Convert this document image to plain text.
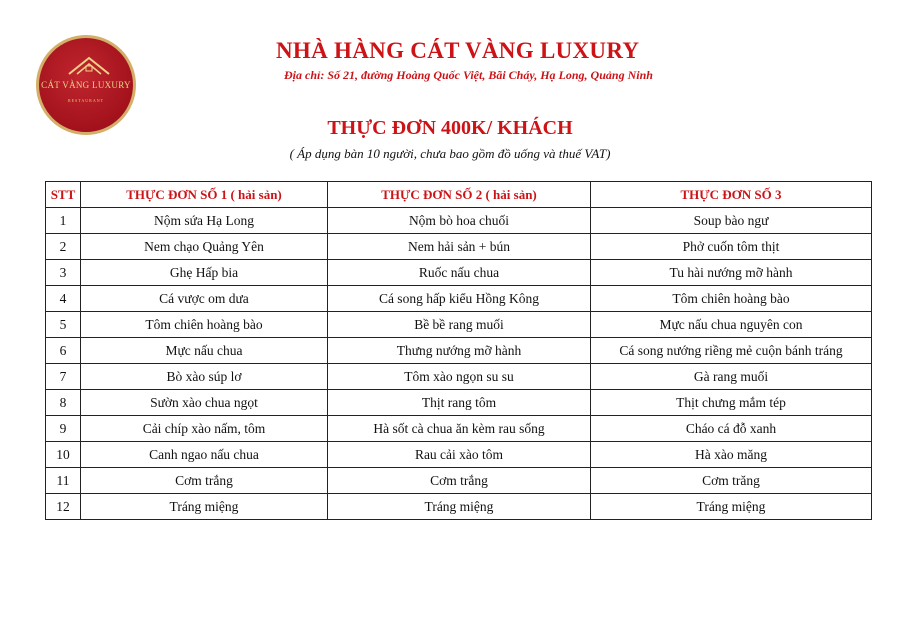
CÁT VÀNG LUXURY
RESTAURANT
NHÀ HÀNG CÁT VÀNG LUXURY
Địa chỉ: Số 21, đường Hoàng Quốc Việt, Bãi Cháy, Hạ Long, Quảng Ninh
THỰC ĐƠN 400K/ KHÁCH
( Áp dụng bàn 10 người, chưa bao gồm đồ uống và thuế VAT)
STT	THỰC ĐƠN SỐ 1 ( hải sản)	THỰC ĐƠN SỐ 2 ( hải sản)	THỰC ĐƠN SỐ 3
1	Nộm sứa Hạ Long	Nộm bò hoa chuối	Soup bào ngư
2	Nem chạo Quảng Yên	Nem hải sản + bún	Phở cuốn tôm thịt
3	Ghẹ Hấp bia	Ruốc nấu chua	Tu hài nướng mỡ hành
4	Cá vược om dưa	Cá song hấp kiểu Hồng Kông	Tôm chiên hoàng bào
5	Tôm chiên hoàng bào	Bề bề rang muối	Mực nấu chua nguyên con
6	Mực nấu chua	Thưng nướng mỡ hành	Cá song nướng riềng mẻ cuộn bánh tráng
7	Bò xào súp lơ	Tôm xào ngọn su su	Gà rang muối
8	Sườn xào chua ngọt	Thịt rang tôm	Thịt chưng mắm tép
9	Cải chíp xào nấm, tôm	Hà sốt cà chua ăn kèm rau sống	Cháo cá đỗ xanh
10	Canh ngao nấu chua	Rau cải xào tôm	Hà xào măng
11	Cơm trắng	Cơm trắng	Cơm trăng
12	Tráng miệng	Tráng miệng	Tráng miệng
